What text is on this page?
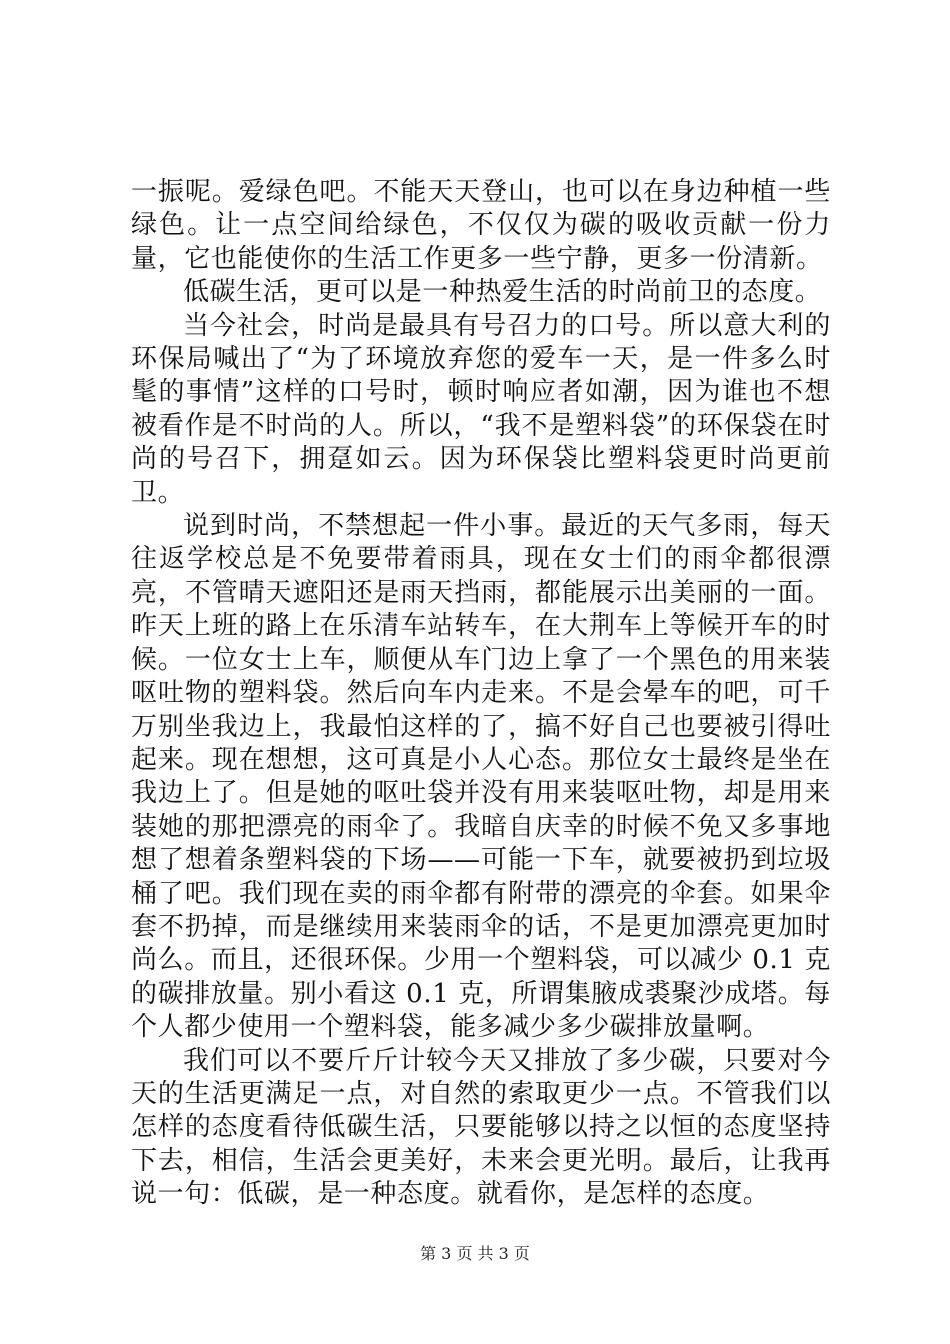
一振呢。爱绿色吧。不能天天登山，也可以在身边种植一些绿色。让一点空间给绿色，不仅仅为碳的吸收贡献一份力量，它也能使你的生活工作更多一些宁静，更多一份清新。

低碳生活，更可以是一种热爱生活的时尚前卫的态度。

当今社会，时尚是最具有号召力的口号。所以意大利的环保局喊出了“为了环境放弃您的爱车一天，是一件多么时髦的事情”这样的口号时，顿时响应者如潮，因为谁也不想被看作是不时尚的人。所以，“我不是塑料袋”的环保袋在时尚的号召下，拥趸如云。因为环保袋比塑料袋更时尚更前卫。

说到时尚，不禁想起一件小事。最近的天气多雨，每天往返学校总是不免要带着雨具，现在女士们的雨伞都很漂亮，不管晴天遮阳还是雨天挡雨，都能展示出美丽的一面。昨天上班的路上在乐清车站转车，在大荆车上等候开车的时候。一位女士上车，顺便从车门边上拿了一个黑色的用来装呕吐物的塑料袋。然后向车内走来。不是会晕车的吧，可千万别坐我边上，我最怕这样的了，搞不好自己也要被引得吐起来。现在想想，这可真是小人心态。那位女士最终是坐在我边上了。但是她的呕吐袋并没有用来装呕吐物，却是用来装她的那把漂亮的雨伞了。我暗自庆幸的时候不免又多事地想了想着条塑料袋的下场——可能一下车，就要被扔到垃圾桶了吧。我们现在卖的雨伞都有附带的漂亮的伞套。如果伞套不扔掉，而是继续用来装雨伞的话，不是更加漂亮更加时尚么。而且，还很环保。少用一个塑料袋，可以减少 0.1 克的碳排放量。别小看这 0.1 克，所谓集腋成裘聚沙成塔。每个人都少使用一个塑料袋，能多减少多少碳排放量啊。

我们可以不要斤斤计较今天又排放了多少碳，只要对今天的生活更满足一点，对自然的索取更少一点。不管我们以怎样的态度看待低碳生活，只要能够以持之以恒的态度坚持下去，相信，生活会更美好，未来会更光明。最后，让我再说一句：低碳，是一种态度。就看你，是怎样的态度。

第 3 页 共 3 页
